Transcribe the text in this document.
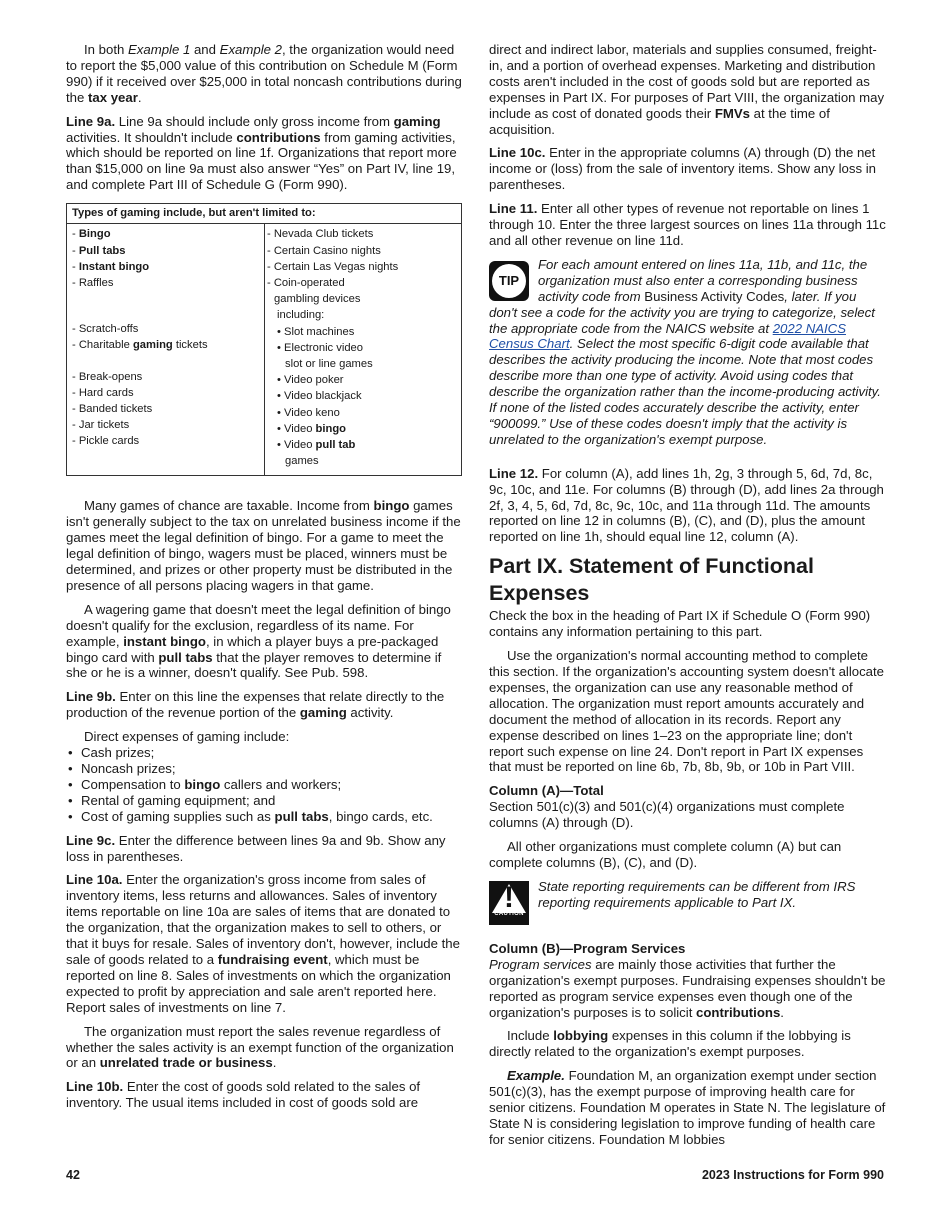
In both Example 1 and Example 2, the organization would need to report the $5,000 value of this contribution on Schedule M (Form 990) if it received over $25,000 in total noncash contributions during the tax year.

Line 9a. Line 9a should include only gross income from gaming activities. It shouldn't include contributions from gaming activities, which should be reported on line 1f. Organizations that report more than $15,000 on line 9a must also answer “Yes” on Part IV, line 19, and complete Part III of Schedule G (Form 990).

Types of gaming include, but aren't limited to:
- Bingo
- Pull tabs
- Instant bingo
- Raffles
- Scratch-offs
- Charitable gaming tickets
- Break-opens
- Hard cards
- Banded tickets
- Jar tickets
- Pickle cards
- Nevada Club tickets
- Certain Casino nights
- Certain Las Vegas nights
- Coin-operated
gambling devices
including:
• Slot machines
• Electronic video
slot or line games
• Video poker
• Video blackjack
• Video keno
• Video bingo
• Video pull tab
games

Many games of chance are taxable. Income from bingo games isn't generally subject to the tax on unrelated business income if the games meet the legal definition of bingo. For a game to meet the legal definition of bingo, wagers must be placed, winners must be determined, and prizes or other property must be distributed in the presence of all persons placing wagers in that game.

A wagering game that doesn't meet the legal definition of bingo doesn't qualify for the exclusion, regardless of its name. For example, instant bingo, in which a player buys a pre-packaged bingo card with pull tabs that the player removes to determine if she or he is a winner, doesn't qualify. See Pub. 598.

Line 9b. Enter on this line the expenses that relate directly to the production of the revenue portion of the gaming activity.

Direct expenses of gaming include:

• Cash prizes;
• Noncash prizes;
• Compensation to bingo callers and workers;
• Rental of gaming equipment; and
• Cost of gaming supplies such as pull tabs, bingo cards, etc.

Line 9c. Enter the difference between lines 9a and 9b. Show any loss in parentheses.

Line 10a. Enter the organization's gross income from sales of inventory items, less returns and allowances. Sales of inventory items reportable on line 10a are sales of items that are donated to the organization, that the organization makes to sell to others, or that it buys for resale. Sales of inventory don't, however, include the sale of goods related to a fundraising event, which must be reported on line 8. Sales of investments on which the organization expected to profit by appreciation and sale aren't reported here. Report sales of investments on line 7.

The organization must report the sales revenue regardless of whether the sales activity is an exempt function of the organization or an unrelated trade or business.

Line 10b. Enter the cost of goods sold related to the sales of inventory. The usual items included in cost of goods sold are

direct and indirect labor, materials and supplies consumed, freight-in, and a portion of overhead expenses. Marketing and distribution costs aren't included in the cost of goods sold but are reported as expenses in Part IX. For purposes of Part VIII, the organization may include as cost of donated goods their FMVs at the time of acquisition.

Line 10c. Enter in the appropriate columns (A) through (D) the net income or (loss) from the sale of inventory items. Show any loss in parentheses.

Line 11. Enter all other types of revenue not reportable on lines 1 through 10. Enter the three largest sources on lines 11a through 11c and all other revenue on line 11d.

TIP
For each amount entered on lines 11a, 11b, and 11c, the organization must also enter a corresponding business activity code from Business Activity Codes, later. If you don't see a code for the activity you are trying to categorize, select the appropriate code from the NAICS website at 2022 NAICS Census Chart. Select the most specific 6-digit code available that describes the activity producing the income. Note that most codes describe more than one type of activity. Avoid using codes that describe the organization rather than the income-producing activity. If none of the listed codes accurately describe the activity, enter “900099.” Use of these codes doesn't imply that the activity is unrelated to the organization's exempt purpose.

Line 12. For column (A), add lines 1h, 2g, 3 through 5, 6d, 7d, 8c, 9c, 10c, and 11e. For columns (B) through (D), add lines 2a through 2f, 3, 4, 5, 6d, 7d, 8c, 9c, 10c, and 11a through 11d. The amounts reported on line 12 in columns (B), (C), and (D), plus the amount reported on line 1h, should equal line 12, column (A).

Part IX. Statement of Functional Expenses

Check the box in the heading of Part IX if Schedule O (Form 990) contains any information pertaining to this part.

Use the organization's normal accounting method to complete this section. If the organization's accounting system doesn't allocate expenses, the organization can use any reasonable method of allocation. The organization must report amounts accurately and document the method of allocation in its records. Report any expense described on lines 1–23 on the appropriate line; don't report such expense on line 24. Don't report in Part IX expenses that must be reported on line 6b, 7b, 8b, 9b, or 10b in Part VIII.

Column (A)—Total

Section 501(c)(3) and 501(c)(4) organizations must complete columns (A) through (D).

All other organizations must complete column (A) but can complete columns (B), (C), and (D).

!
CAUTION
State reporting requirements can be different from IRS reporting requirements applicable to Part IX.

Column (B)—Program Services

Program services are mainly those activities that further the organization's exempt purposes. Fundraising expenses shouldn't be reported as program service expenses even though one of the organization's purposes is to solicit contributions.

Include lobbying expenses in this column if the lobbying is directly related to the organization's exempt purposes.

Example. Foundation M, an organization exempt under section 501(c)(3), has the exempt purpose of improving health care for senior citizens. Foundation M operates in State N. The legislature of State N is considering legislation to improve funding of health care for senior citizens. Foundation M lobbies

42	2023 Instructions for Form 990
